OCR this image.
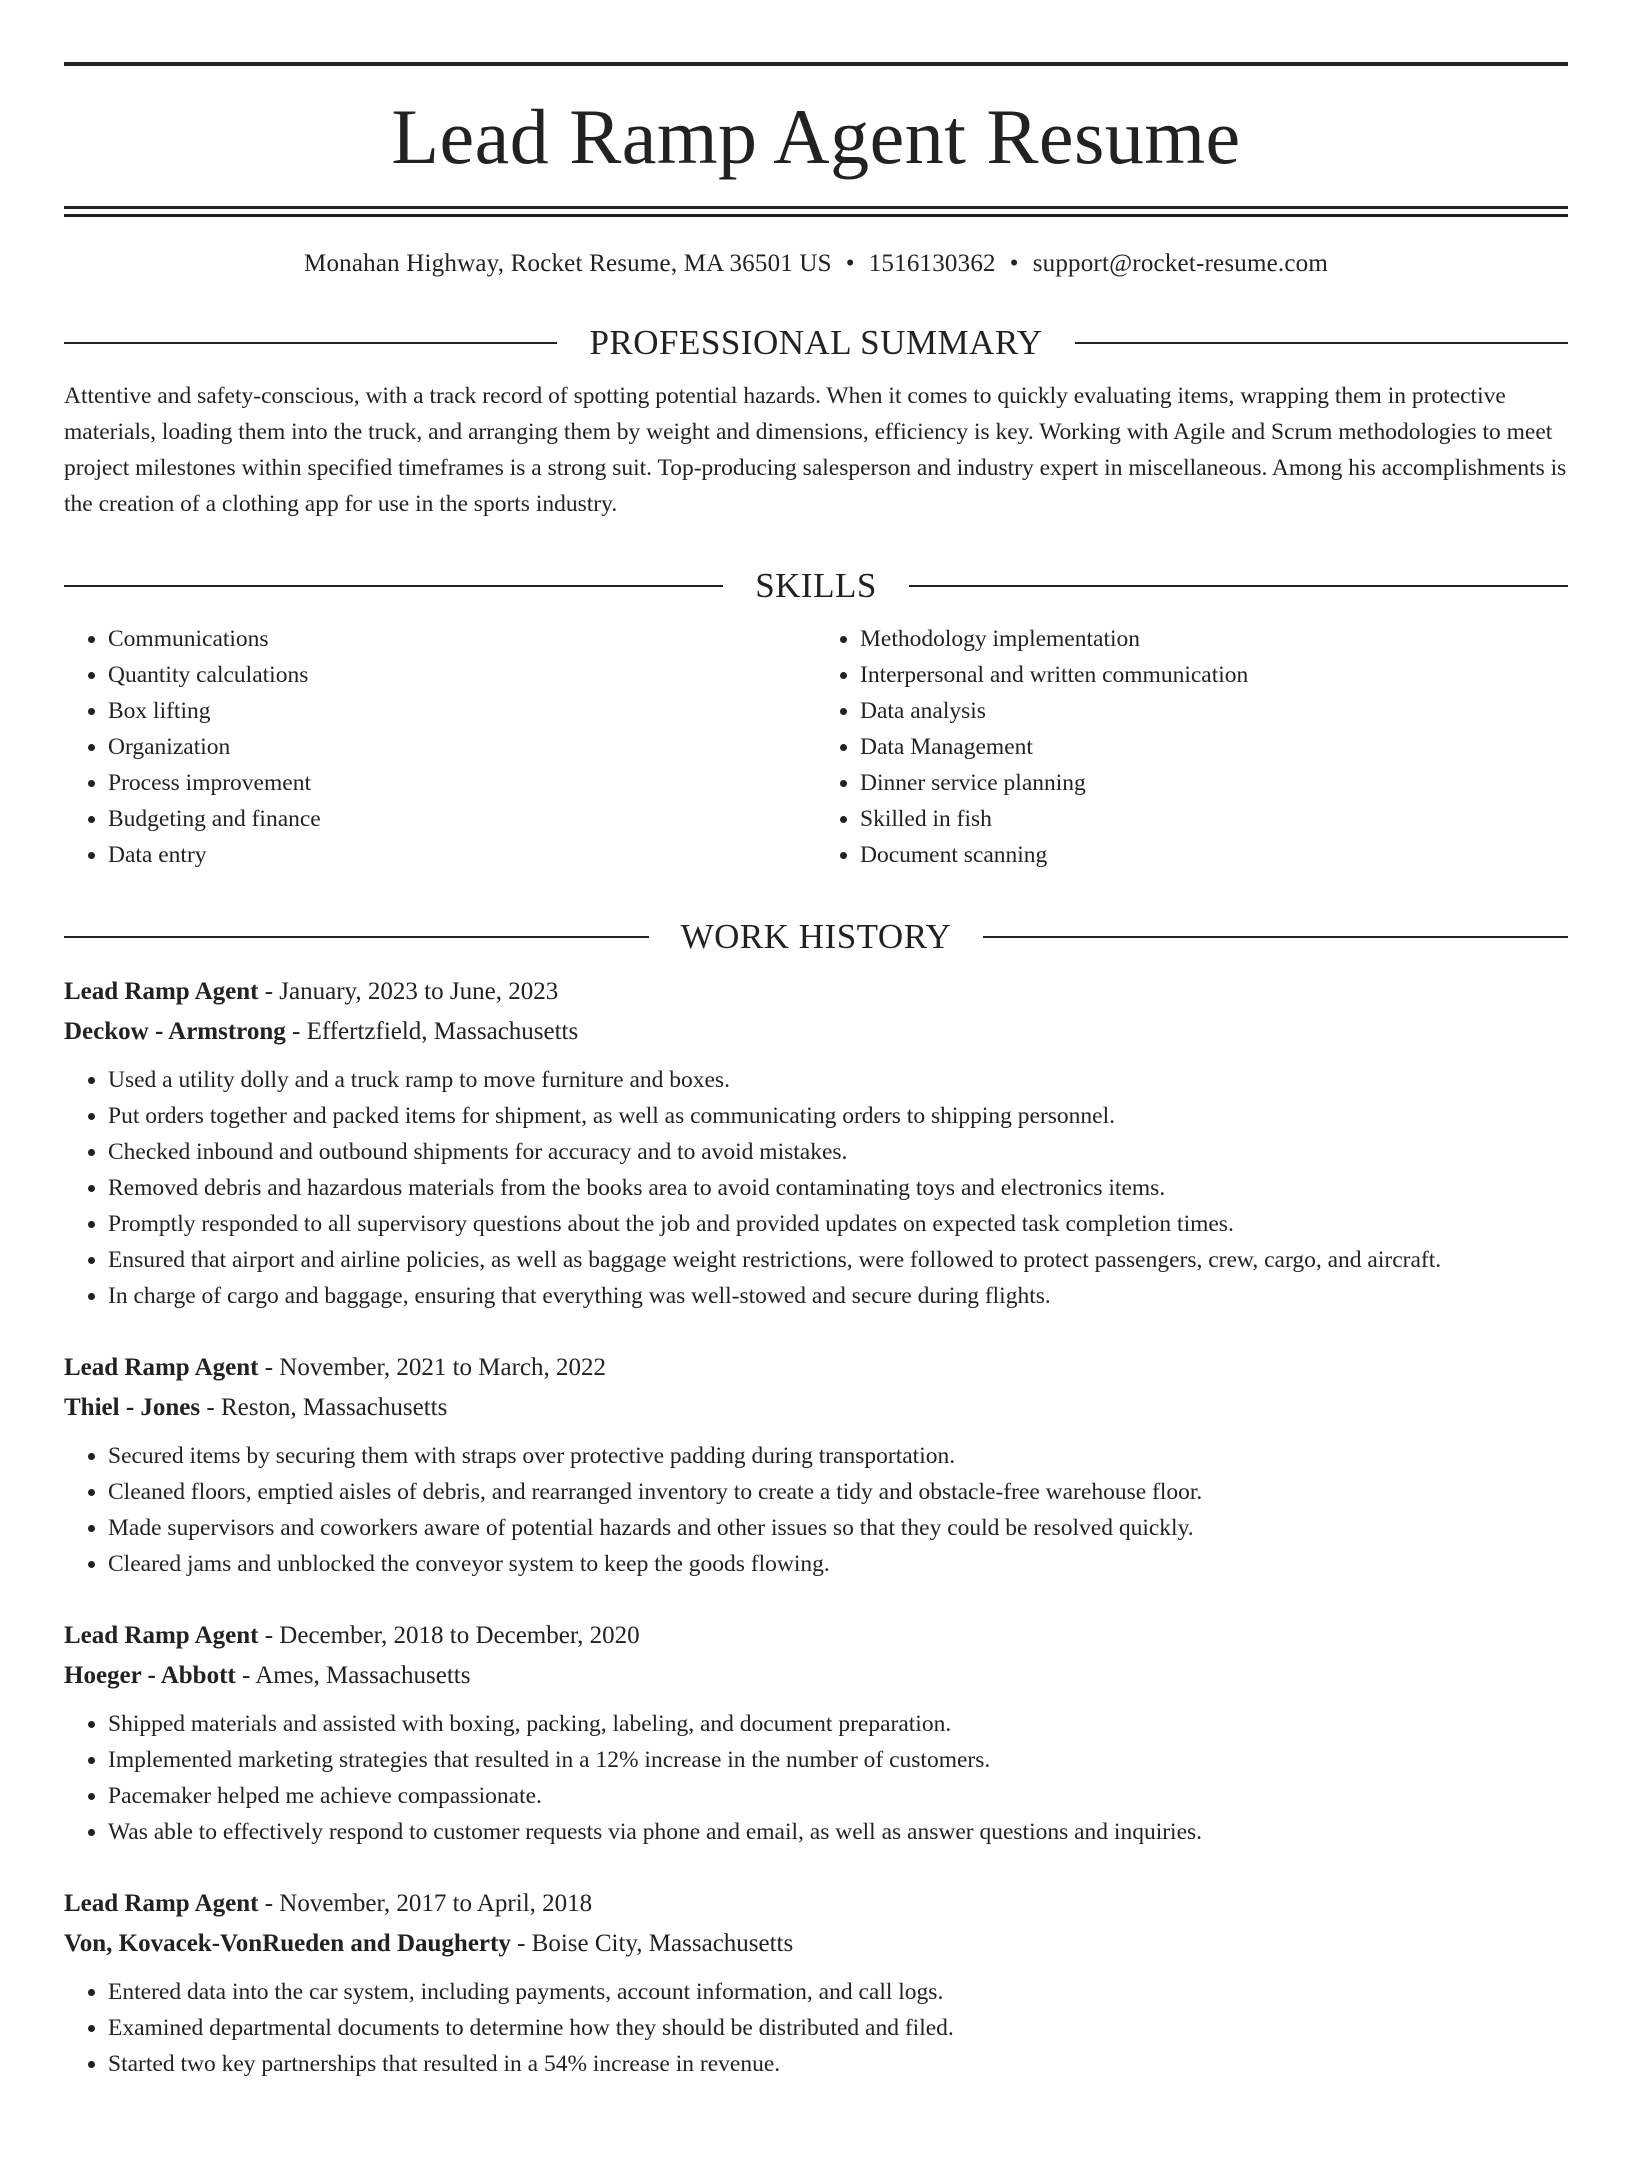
Lead Ramp Agent Resume
Monahan Highway, Rocket Resume, MA 36501 US • 1516130362 • support@rocket-resume.com
PROFESSIONAL SUMMARY

Attentive and safety-conscious, with a track record of spotting potential hazards. When it comes to quickly evaluating items, wrapping them in protective materials, loading them into the truck, and arranging them by weight and dimensions, efficiency is key. Working with Agile and Scrum methodologies to meet project milestones within specified timeframes is a strong suit. Top-producing salesperson and industry expert in miscellaneous. Among his accomplishments is the creation of a clothing app for use in the sports industry.

SKILLS
• Communications
• Quantity calculations
• Box lifting
• Organization
• Process improvement
• Budgeting and finance
• Data entry
• Methodology implementation
• Interpersonal and written communication
• Data analysis
• Data Management
• Dinner service planning
• Skilled in fish
• Document scanning
WORK HISTORY
Lead Ramp Agent - January, 2023 to June, 2023
Deckow - Armstrong - Effertzfield, Massachusetts
• Used a utility dolly and a truck ramp to move furniture and boxes.
• Put orders together and packed items for shipment, as well as communicating orders to shipping personnel.
• Checked inbound and outbound shipments for accuracy and to avoid mistakes.
• Removed debris and hazardous materials from the books area to avoid contaminating toys and electronics items.
• Promptly responded to all supervisory questions about the job and provided updates on expected task completion times.
• Ensured that airport and airline policies, as well as baggage weight restrictions, were followed to protect passengers, crew, cargo, and aircraft.
• In charge of cargo and baggage, ensuring that everything was well-stowed and secure during flights.
Lead Ramp Agent - November, 2021 to March, 2022
Thiel - Jones - Reston, Massachusetts
• Secured items by securing them with straps over protective padding during transportation.
• Cleaned floors, emptied aisles of debris, and rearranged inventory to create a tidy and obstacle-free warehouse floor.
• Made supervisors and coworkers aware of potential hazards and other issues so that they could be resolved quickly.
• Cleared jams and unblocked the conveyor system to keep the goods flowing.
Lead Ramp Agent - December, 2018 to December, 2020
Hoeger - Abbott - Ames, Massachusetts
• Shipped materials and assisted with boxing, packing, labeling, and document preparation.
• Implemented marketing strategies that resulted in a 12% increase in the number of customers.
• Pacemaker helped me achieve compassionate.
• Was able to effectively respond to customer requests via phone and email, as well as answer questions and inquiries.
Lead Ramp Agent - November, 2017 to April, 2018
Von, Kovacek-VonRueden and Daugherty - Boise City, Massachusetts
• Entered data into the car system, including payments, account information, and call logs.
• Examined departmental documents to determine how they should be distributed and filed.
• Started two key partnerships that resulted in a 54% increase in revenue.
